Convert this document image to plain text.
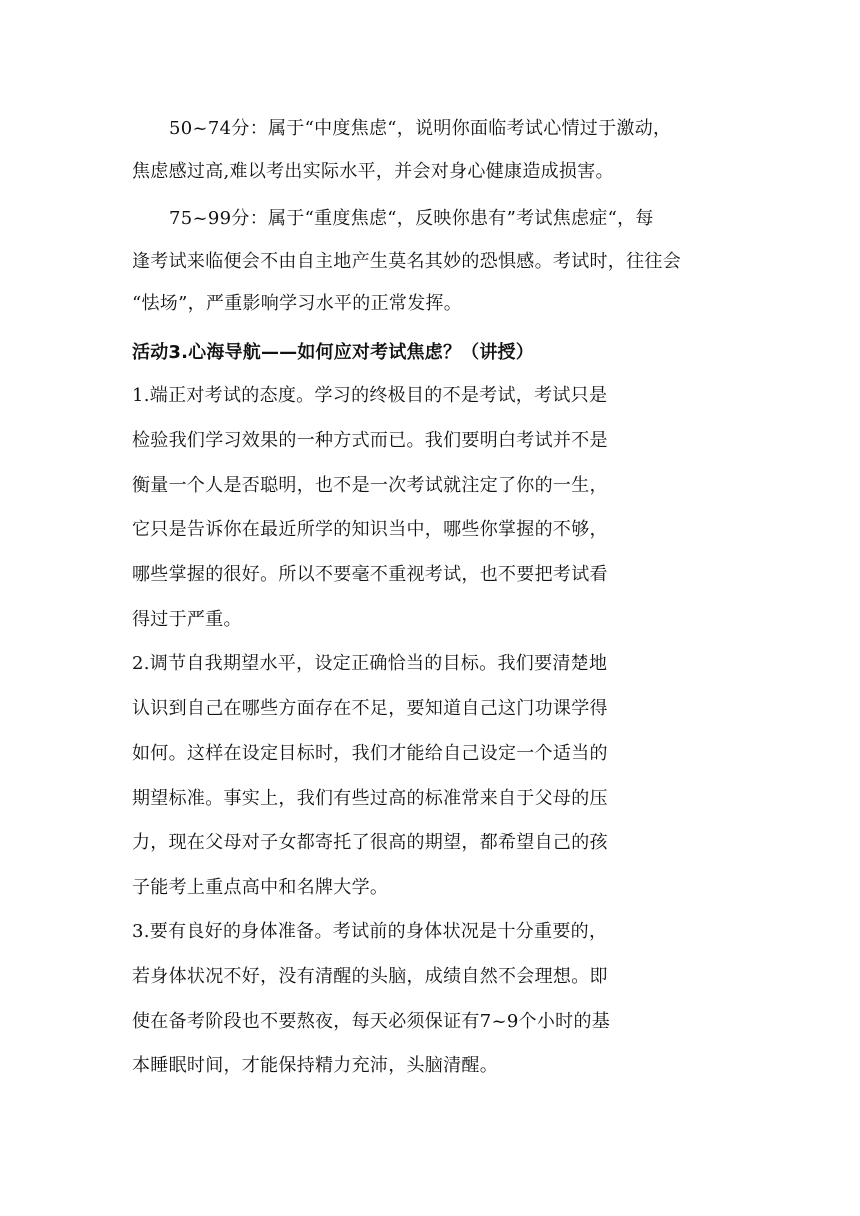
50~74分：属于“中度焦虑“，说明你面临考试心情过于激动，
焦虑感过高,难以考出实际水平，并会对身心健康造成损害。
75~99分：属于“重度焦虑“，反映你患有”考试焦虑症“，每
逢考试来临便会不由自主地产生莫名其妙的恐惧感。考试时，往往会
“怯场”，严重影响学习水平的正常发挥。
活动3.心海导航——如何应对考试焦虑？（讲授）
1.端正对考试的态度。学习的终极目的不是考试，考试只是
检验我们学习效果的一种方式而已。我们要明白考试并不是
衡量一个人是否聪明，也不是一次考试就注定了你的一生，
它只是告诉你在最近所学的知识当中，哪些你掌握的不够，
哪些掌握的很好。所以不要毫不重视考试，也不要把考试看
得过于严重。
2.调节自我期望水平，设定正确恰当的目标。我们要清楚地
认识到自己在哪些方面存在不足，要知道自己这门功课学得
如何。这样在设定目标时，我们才能给自己设定一个适当的
期望标准。事实上，我们有些过高的标准常来自于父母的压
力，现在父母对子女都寄托了很高的期望，都希望自己的孩
子能考上重点高中和名牌大学。
3.要有良好的身体准备。考试前的身体状况是十分重要的，
若身体状况不好，没有清醒的头脑，成绩自然不会理想。即
使在备考阶段也不要熬夜，每天必须保证有7~9个小时的基
本睡眠时间，才能保持精力充沛，头脑清醒。
